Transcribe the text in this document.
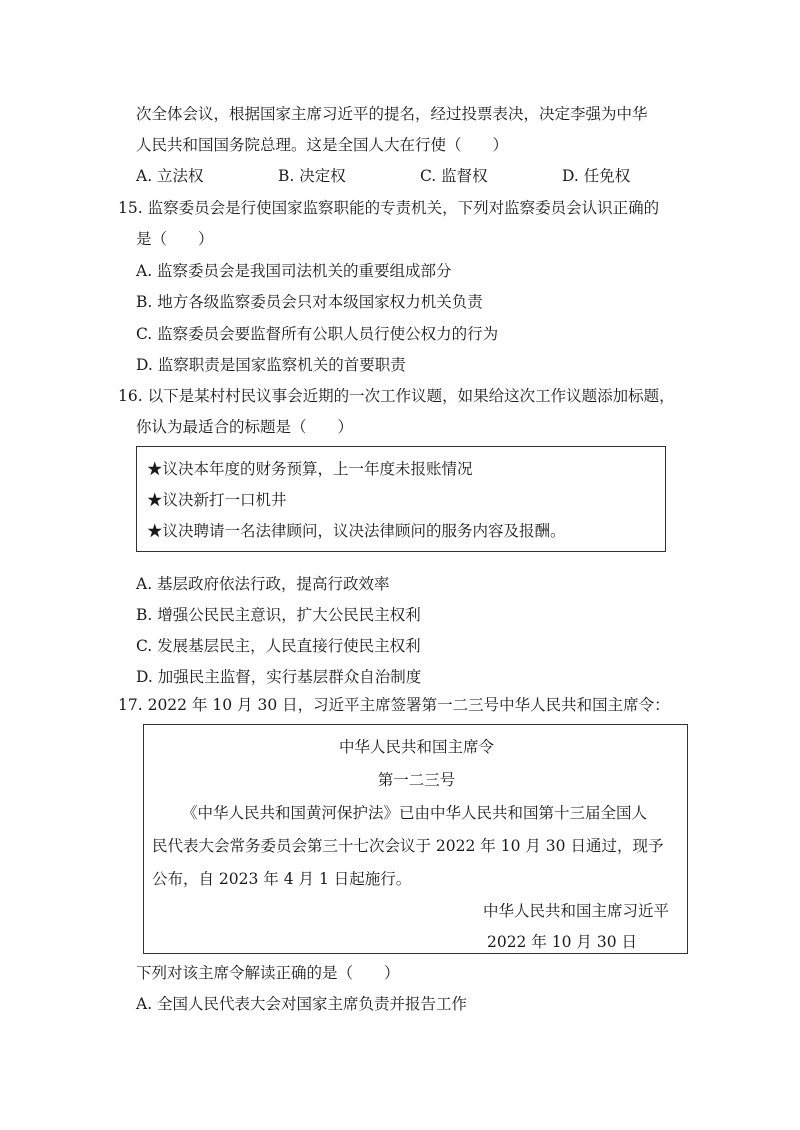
次全体会议，根据国家主席习近平的提名，经过投票表决，决定李强为中华
人民共和国国务院总理。这是全国人大在行使（　　）
A. 立法权	B. 决定权	C. 监督权	D. 任免权
15. 监察委员会是行使国家监察职能的专责机关，下列对监察委员会认识正确的
是（　　）
A. 监察委员会是我国司法机关的重要组成部分
B. 地方各级监察委员会只对本级国家权力机关负责
C. 监察委员会要监督所有公职人员行使公权力的行为
D. 监察职责是国家监察机关的首要职责
16. 以下是某村村民议事会近期的一次工作议题，如果给这次工作议题添加标题，
你认为最适合的标题是（　　）
★议决本年度的财务预算，上一年度未报账情况
★议决新打一口机井
★议决聘请一名法律顾问，议决法律顾问的服务内容及报酬。
A. 基层政府依法行政，提高行政效率
B. 增强公民民主意识，扩大公民民主权利
C. 发展基层民主，人民直接行使民主权利
D. 加强民主监督，实行基层群众自治制度
17. 2022 年 10 月 30 日，习近平主席签署第一二三号中华人民共和国主席令：
中华人民共和国主席令
第一二三号
《中华人民共和国黄河保护法》已由中华人民共和国第十三届全国人
民代表大会常务委员会第三十七次会议于 2022 年 10 月 30 日通过，现予
公布，自 2023 年 4 月 1 日起施行。
中华人民共和国主席习近平
2022 年 10 月 30 日
下列对该主席令解读正确的是（　　）
A. 全国人民代表大会对国家主席负责并报告工作
